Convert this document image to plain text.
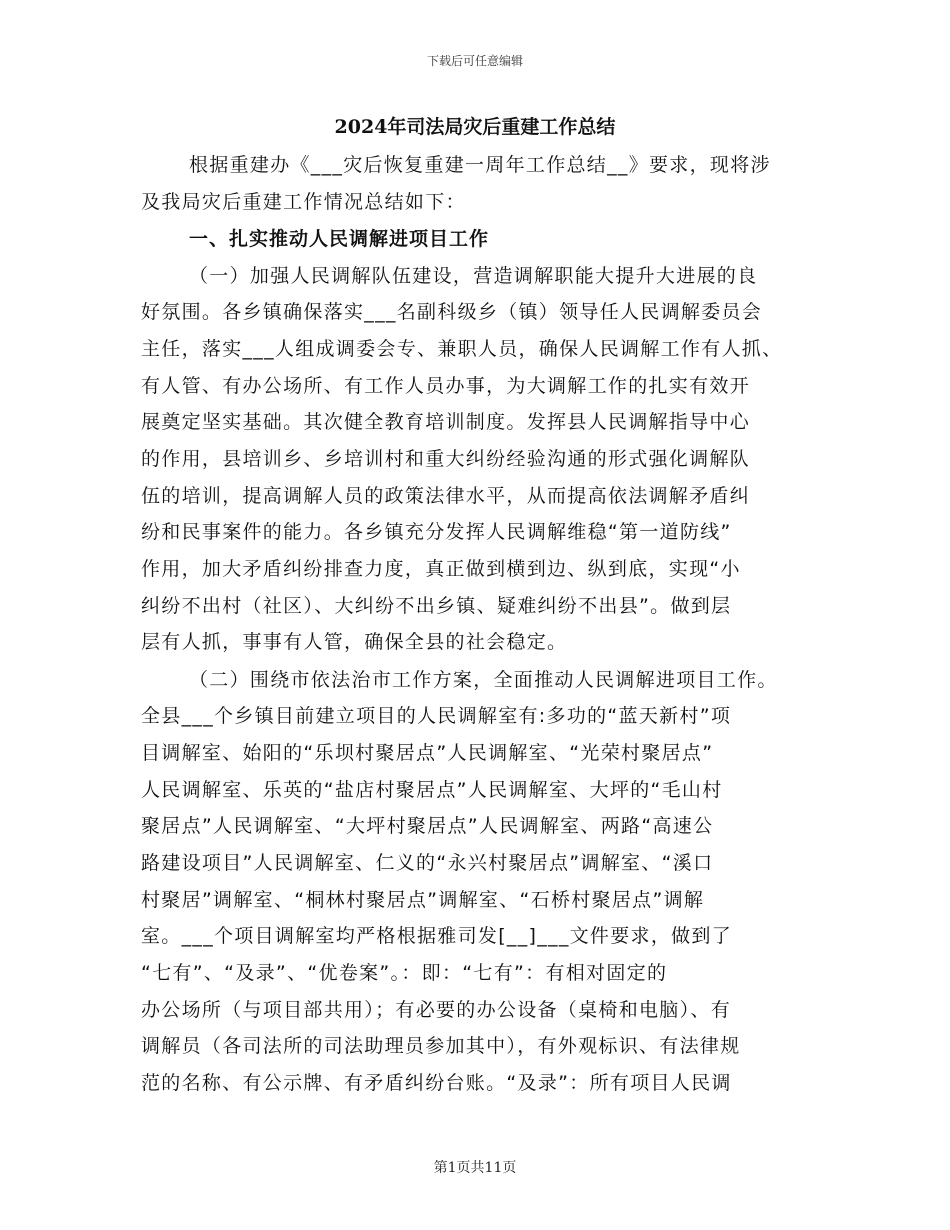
下载后可任意编辑
2024年司法局灾后重建工作总结
根据重建办《___灾后恢复重建一周年工作总结__》要求，现将涉
及我局灾后重建工作情况总结如下：
一、扎实推动人民调解进项目工作
（一）加强人民调解队伍建设，营造调解职能大提升大进展的良
好氛围。各乡镇确保落实___名副科级乡（镇）领导任人民调解委员会
主任，落实___人组成调委会专、兼职人员，确保人民调解工作有人抓、
有人管、有办公场所、有工作人员办事，为大调解工作的扎实有效开
展奠定坚实基础。其次健全教育培训制度。发挥县人民调解指导中心
的作用，县培训乡、乡培训村和重大纠纷经验沟通的形式强化调解队
伍的培训，提高调解人员的政策法律水平，从而提高依法调解矛盾纠
纷和民事案件的能力。各乡镇充分发挥人民调解维稳“第一道防线”
作用，加大矛盾纠纷排查力度，真正做到横到边、纵到底，实现“小
纠纷不出村（社区）、大纠纷不出乡镇、疑难纠纷不出县”。做到层
层有人抓，事事有人管，确保全县的社会稳定。
（二）围绕市依法治市工作方案，全面推动人民调解进项目工作。
全县___个乡镇目前建立项目的人民调解室有:多功的“蓝天新村”项
目调解室、始阳的“乐坝村聚居点”人民调解室、“光荣村聚居点”
人民调解室、乐英的“盐店村聚居点”人民调解室、大坪的“毛山村
聚居点”人民调解室、“大坪村聚居点”人民调解室、两路“高速公
路建设项目”人民调解室、仁义的“永兴村聚居点”调解室、“溪口
村聚居”调解室、“桐林村聚居点”调解室、“石桥村聚居点”调解
室。___个项目调解室均严格根据雅司发[__]___文件要求，做到了
“七有”、“及录”、“优卷案”。：即：“七有”：有相对固定的
办公场所（与项目部共用）；有必要的办公设备（桌椅和电脑）、有
调解员（各司法所的司法助理员参加其中），有外观标识、有法律规
范的名称、有公示牌、有矛盾纠纷台账。“及录”：所有项目人民调
第1页共11页
